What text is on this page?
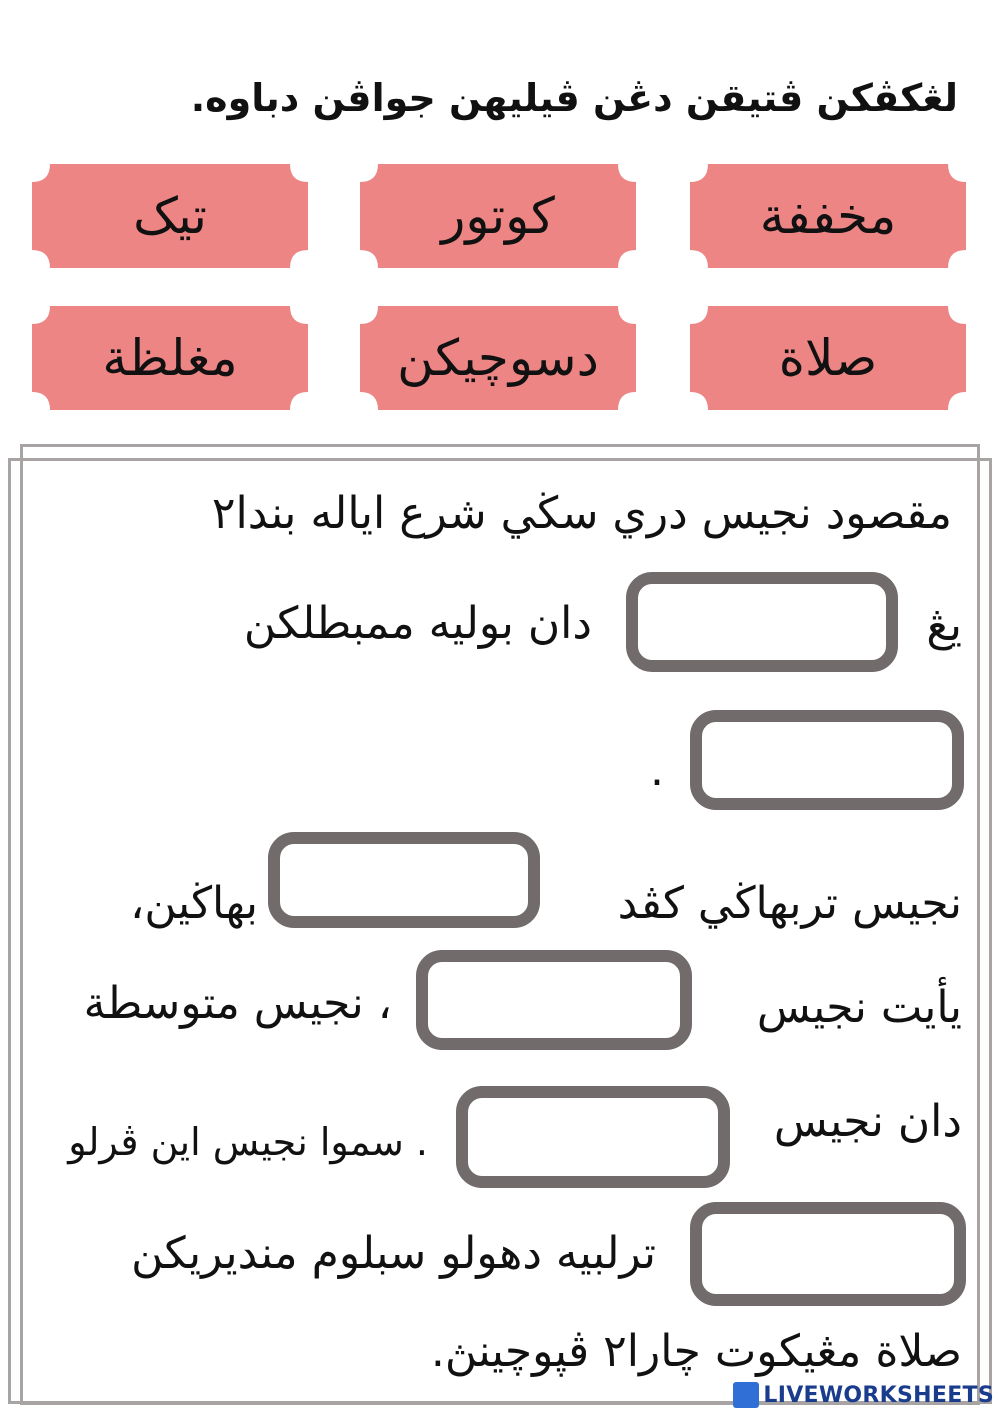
لڠكڤكن ڤتيقن دڠن ڤيليهن جواڤن دباوه.
مخففة
كوتور
تيک
صلاة
دسوچيكن
مغلظة
مقصود نجيس دري سڬي شرع اياله بندا٢
يڠ
دان بوليه ممبطلكن
.
نجيس تربهاڬي كڤد
بهاڬين،
يأيت نجيس
، نجيس متوسطة
دان نجيس
. سموا نجيس اين ڤرلو
ترلبيه دهولو سبلوم منديريكن
صلاة مڠيكوت چارا٢ ڤپوچينڽ.
LIVEWORKSHEETS
